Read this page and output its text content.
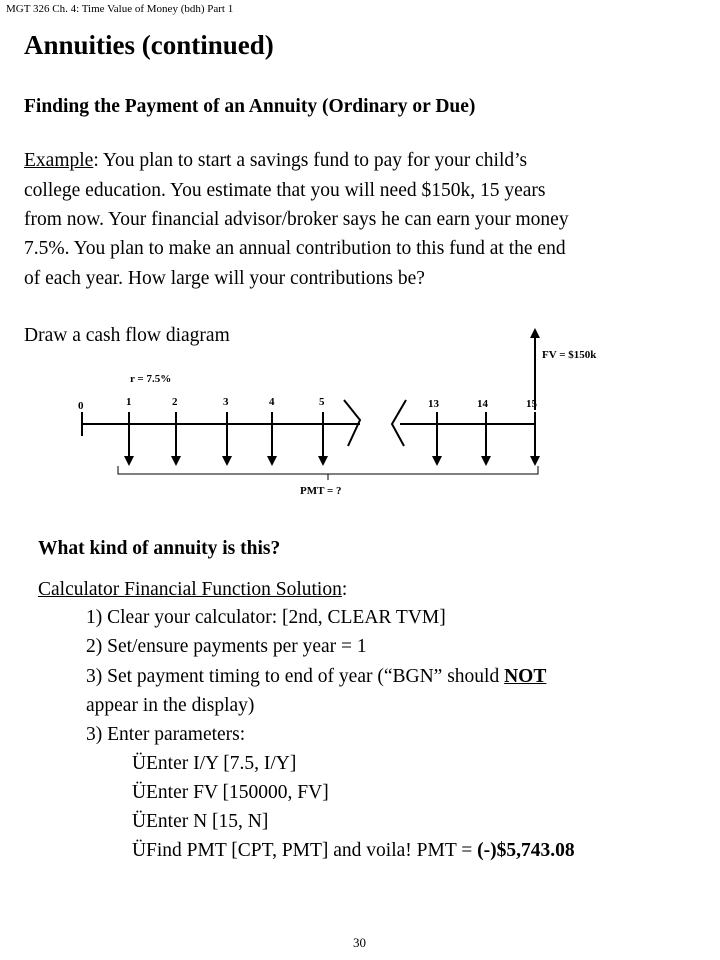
MGT 326 Ch. 4: Time Value of Money (bdh) Part 1
Annuities (continued)
Finding the Payment of an Annuity (Ordinary or Due)
Example: You plan to start a savings fund to pay for your child’s
college education. You estimate that you will need $150k, 15 years
from now. Your financial advisor/broker says he can earn your money
7.5%. You plan to make an annual contribution to this fund at the end
of each year. How large will your contributions be?
Draw a cash flow diagram
0	1	2	3	4	5	13	14	15
r = 7.5%
FV = $150k
PMT = ?
What kind of annuity is this?
Calculator Financial Function Solution:
1) Clear your calculator: [2nd, CLEAR TVM]
2) Set/ensure payments per year = 1
3) Set payment timing to end of year (“BGN” should NOT
appear in the display)
3) Enter parameters:
ÜEnter I/Y [7.5, I/Y]
ÜEnter FV [150000, FV]
ÜEnter N [15, N]
ÜFind PMT [CPT, PMT] and voila! PMT = (-)$5,743.08
30
